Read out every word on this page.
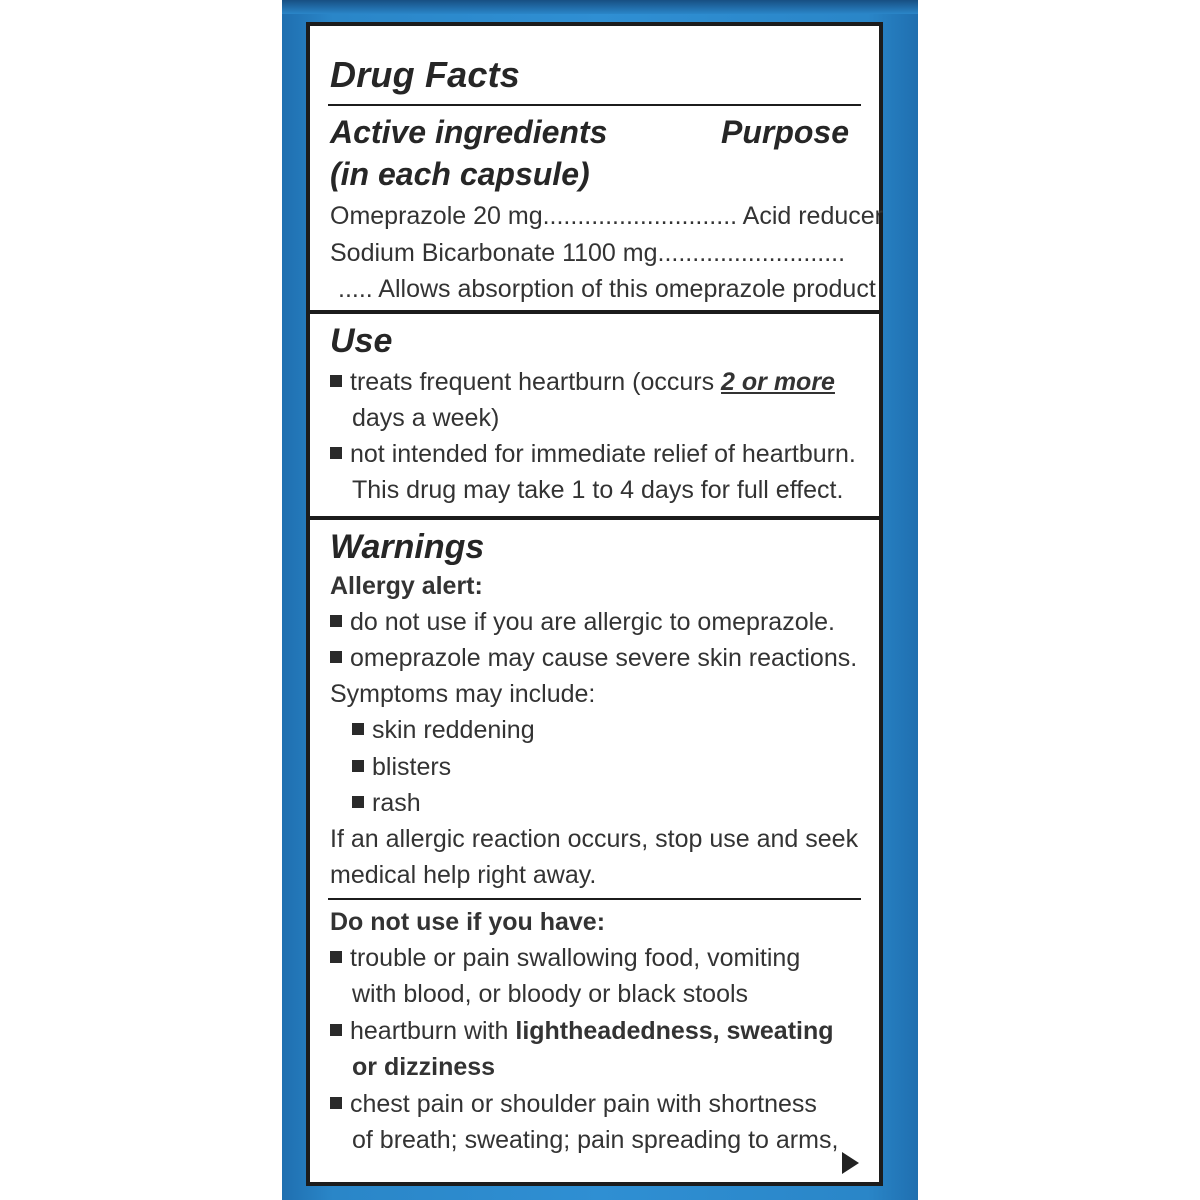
Drug Facts
Active ingredients
(in each capsule)
Purpose
Omeprazole 20 mg............................ Acid reducer
Sodium Bicarbonate 1100 mg...........................
..... Allows absorption of this omeprazole product
Use
treats frequent heartburn (occurs 2 or more
days a week)
not intended for immediate relief of heartburn.
This drug may take 1 to 4 days for full effect.
Warnings
Allergy alert:
do not use if you are allergic to omeprazole.
omeprazole may cause severe skin reactions.
Symptoms may include:
skin reddening
blisters
rash
If an allergic reaction occurs, stop use and seek
medical help right away.
Do not use if you have:
trouble or pain swallowing food, vomiting
with blood, or bloody or black stools
heartburn with lightheadedness, sweating
or dizziness
chest pain or shoulder pain with shortness
of breath; sweating; pain spreading to arms,
